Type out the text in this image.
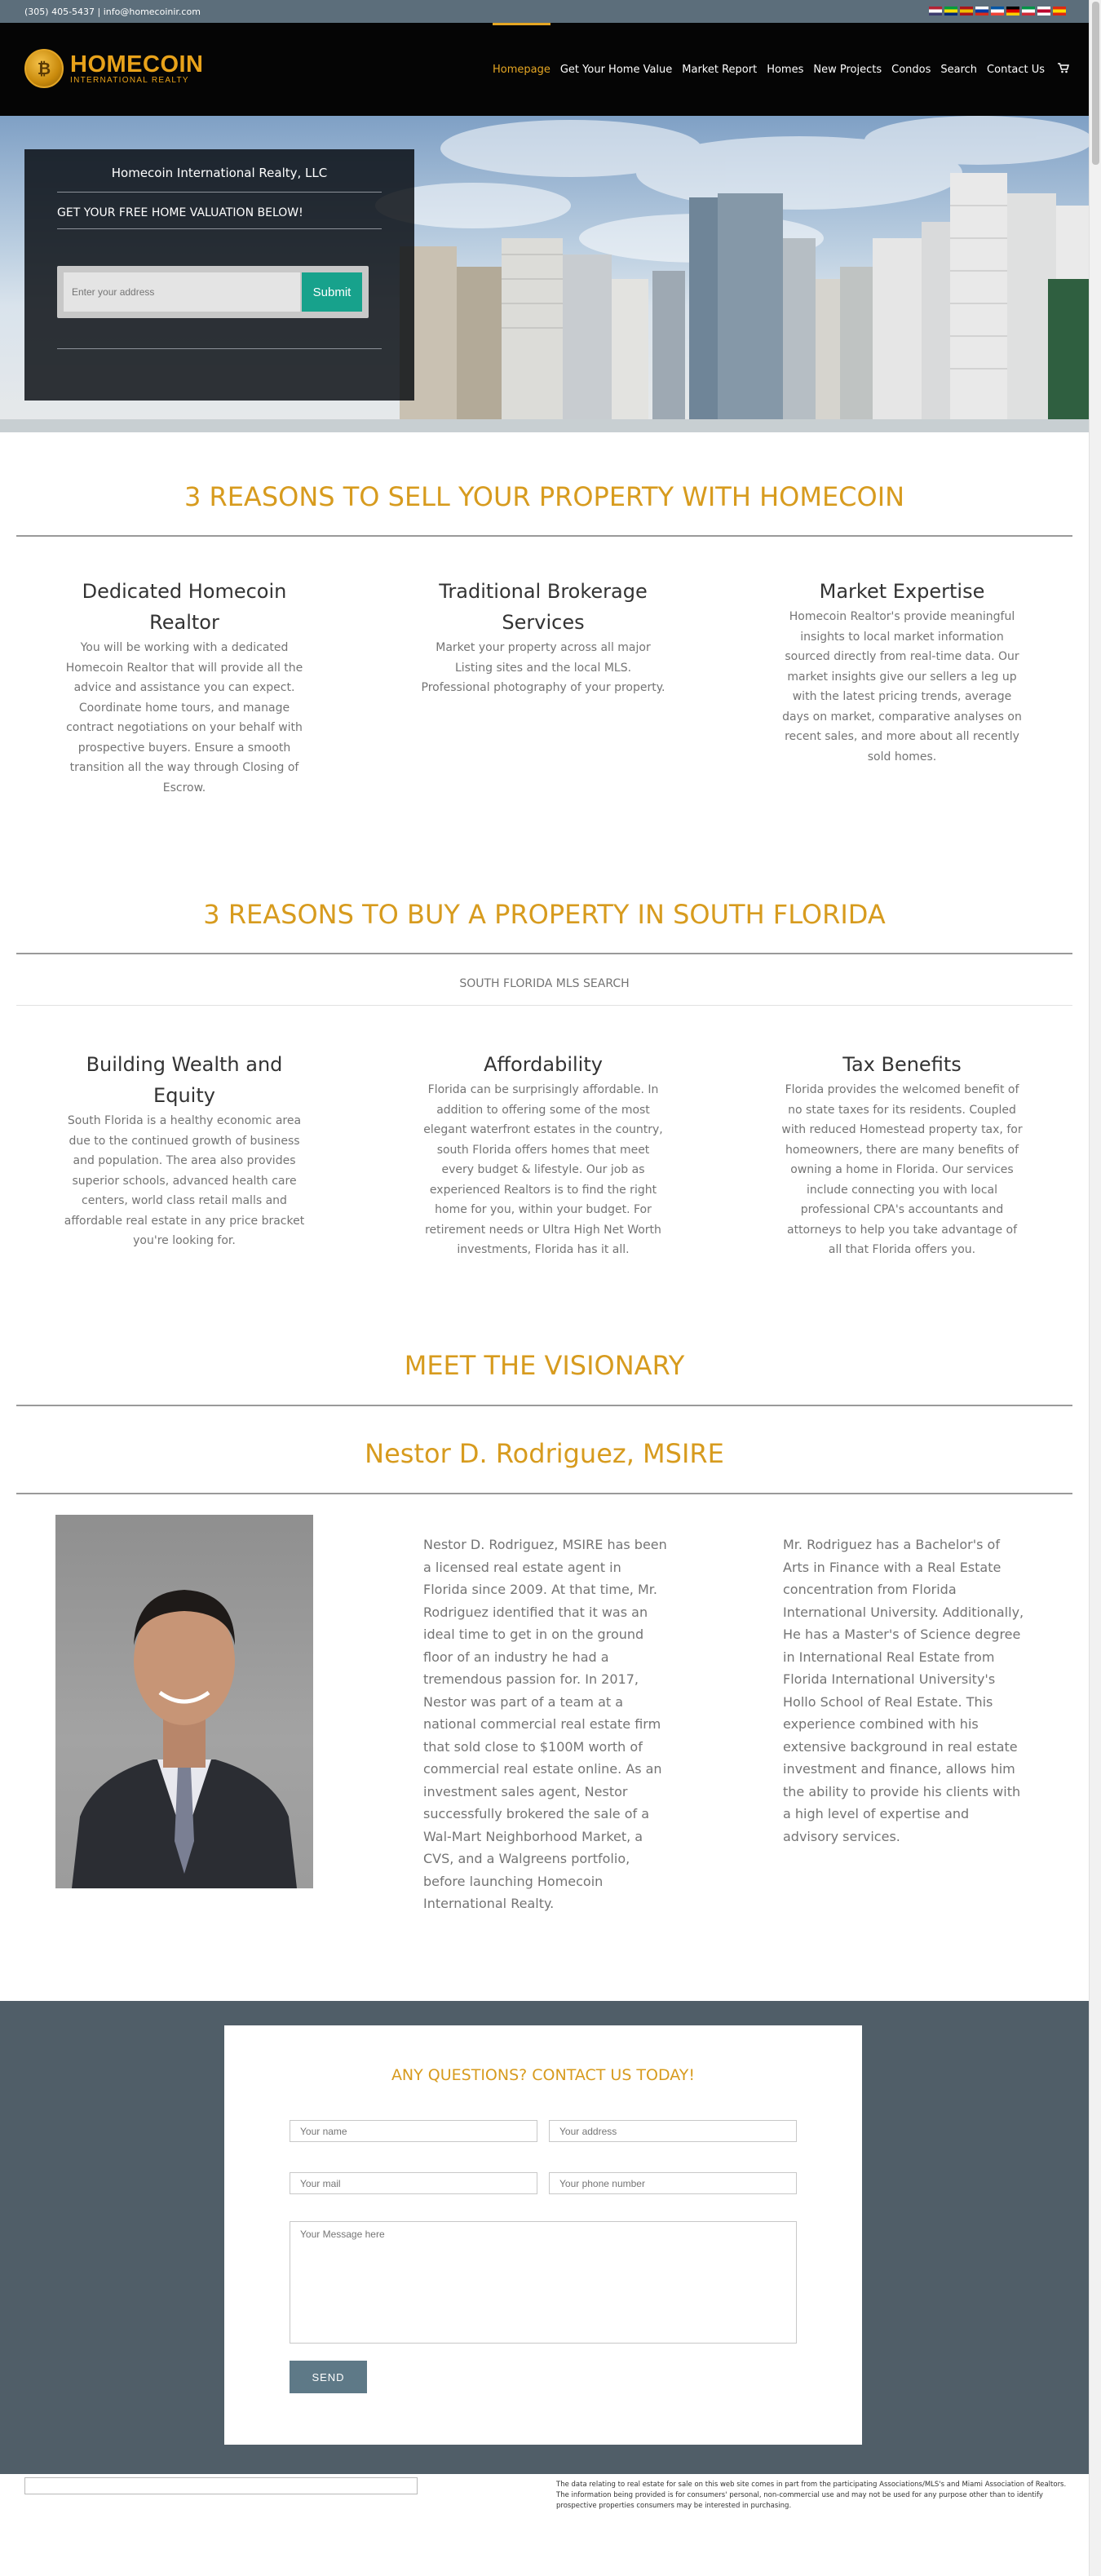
(305) 405-5437 | info@homecoinir.com
₿ HOMECOIN
INTERNATIONAL REALTY
Homepage Get Your Home Value Market Report Homes New Projects Condos Search Contact Us
Homecoin International Realty, LLC
GET YOUR FREE HOME VALUATION BELOW!
Enter your address
Submit
3 REASONS TO SELL YOUR PROPERTY WITH HOMECOIN
Dedicated Homecoin Realtor

You will be working with a dedicated Homecoin Realtor that will provide all the advice and assistance you can expect. Coordinate home tours, and manage contract negotiations on your behalf with prospective buyers. Ensure a smooth transition all the way through Closing of Escrow.

Traditional Brokerage Services

Market your property across all major Listing sites and the local MLS. Professional photography of your property.

Market Expertise

Homecoin Realtor's provide meaningful insights to local market information sourced directly from real-time data. Our market insights give our sellers a leg up with the latest pricing trends, average days on market, comparative analyses on recent sales, and more about all recently sold homes.

3 REASONS TO BUY A PROPERTY IN SOUTH FLORIDA
SOUTH FLORIDA MLS SEARCH
Building Wealth and Equity

South Florida is a healthy economic area due to the continued growth of business and population. The area also provides superior schools, advanced health care centers, world class retail malls and affordable real estate in any price bracket you're looking for.

Affordability

Florida can be surprisingly affordable. In addition to offering some of the most elegant waterfront estates in the country, south Florida offers homes that meet every budget & lifestyle. Our job as experienced Realtors is to find the right home for you, within your budget. For retirement needs or Ultra High Net Worth investments, Florida has it all.

Tax Benefits

Florida provides the welcomed benefit of no state taxes for its residents. Coupled with reduced Homestead property tax, for homeowners, there are many benefits of owning a home in Florida. Our services include connecting you with local professional CPA's accountants and attorneys to help you take advantage of all that Florida offers you.

MEET THE VISIONARY
Nestor D. Rodriguez, MSIRE
Nestor D. Rodriguez, MSIRE has been a licensed real estate agent in Florida since 2009. At that time, Mr. Rodriguez identified that it was an ideal time to get in on the ground floor of an industry he had a tremendous passion for. In 2017, Nestor was part of a team at a national commercial real estate firm that sold close to $100M worth of commercial real estate online. As an investment sales agent, Nestor successfully brokered the sale of a Wal-Mart Neighborhood Market, a CVS, and a Walgreens portfolio, before launching Homecoin International Realty.
Mr. Rodriguez has a Bachelor's of Arts in Finance with a Real Estate concentration from Florida International University. Additionally, He has a Master's of Science degree in International Real Estate from Florida International University's Hollo School of Real Estate. This experience combined with his extensive background in real estate investment and finance, allows him the ability to provide his clients with a high level of expertise and advisory services.
ANY QUESTIONS? CONTACT US TODAY!
Your name
Your address
Your mail
Your phone number
Your Message here
SEND
The data relating to real estate for sale on this web site comes in part from the participating Associations/MLS's and Miami Association of Realtors. The information being provided is for consumers' personal, non-commercial use and may not be used for any purpose other than to identify prospective properties consumers may be interested in purchasing.
